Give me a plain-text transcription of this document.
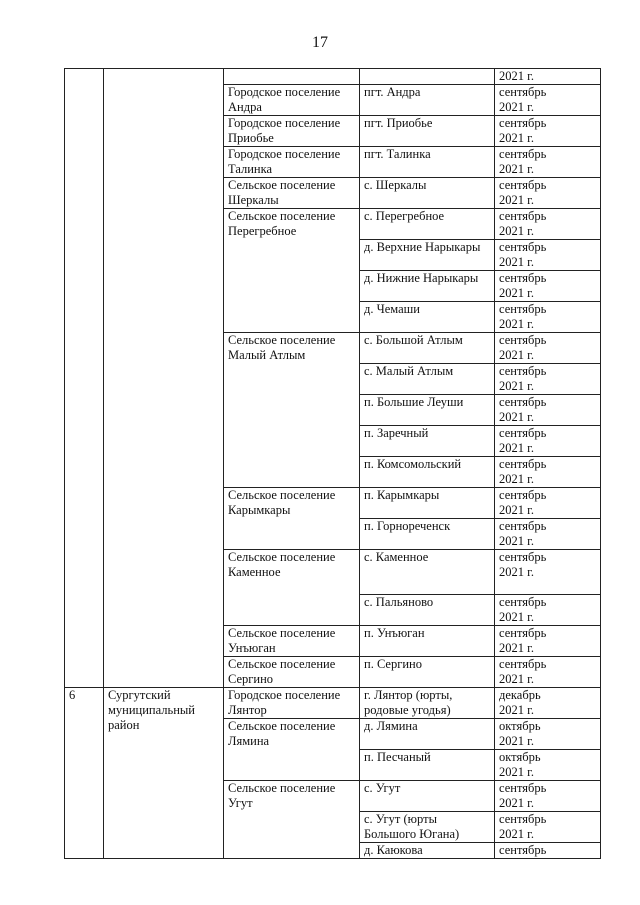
17

				2021 г.

		Городское поселение
Андра	пгт. Андра	сентябрь
2021 г.

		Городское поселение
Приобье	пгт. Приобье	сентябрь
2021 г.

		Городское поселение
Талинка	пгт. Талинка	сентябрь
2021 г.

		Сельское поселение
Шеркалы	с. Шеркалы	сентябрь
2021 г.

		Сельское поселение
Перегребное	с. Перегребное	сентябрь
2021 г.

			д. Верхние Нарыкары	сентябрь
2021 г.

			д. Нижние Нарыкары	сентябрь
2021 г.

			д. Чемаши	сентябрь
2021 г.

		Сельское поселение
Малый Атлым	с. Большой Атлым	сентябрь
2021 г.

			с. Малый Атлым	сентябрь
2021 г.

			п. Большие Леуши	сентябрь
2021 г.

			п. Заречный	сентябрь
2021 г.

			п. Комсомольский	сентябрь
2021 г.

		Сельское поселение
Карымкары	п. Карымкары	сентябрь
2021 г.

			п. Горнореченск	сентябрь
2021 г.

		Сельское поселение
Каменное	с. Каменное	сентябрь
2021 г.

			с. Пальяново	сентябрь
2021 г.

		Сельское поселение
Унъюган	п. Унъюган	сентябрь
2021 г.

		Сельское поселение
Сергино	п. Сергино	сентябрь
2021 г.

6	Сургутский
муниципальный
район	Городское поселение
Лянтор	г. Лянтор (юрты,
родовые угодья)	декабрь
2021 г.

		Сельское поселение
Лямина	д. Лямина	октябрь
2021 г.

			п. Песчаный	октябрь
2021 г.

		Сельское поселение
Угут	с. Угут	сентябрь
2021 г.

			с. Угут (юрты
Большого Югана)	сентябрь
2021 г.

			д. Каюкова	сентябрь
